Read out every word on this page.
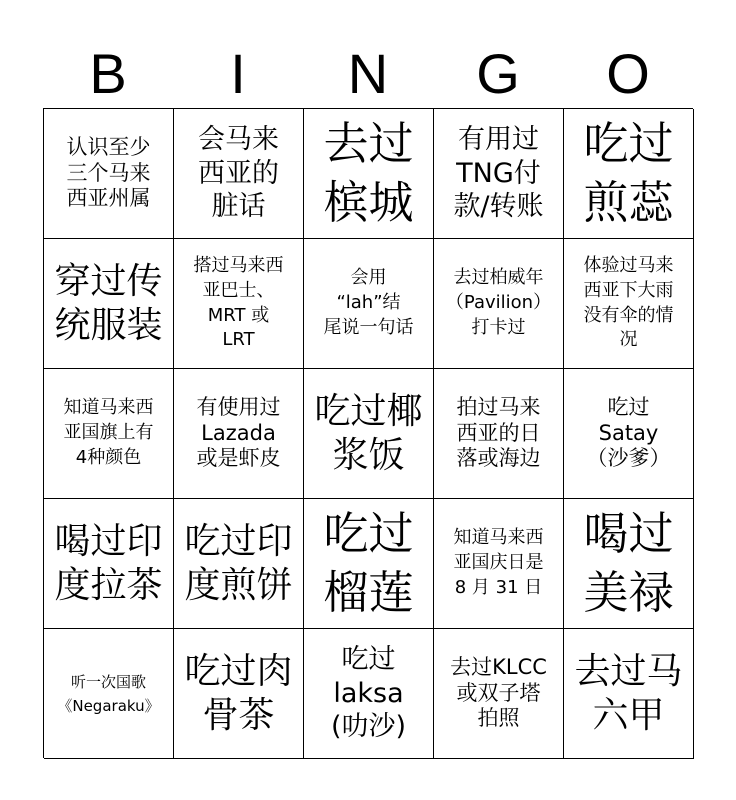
B	I	N	G	O
认识至少
三个马来
西亚州属
会马来
西亚的
脏话
去过
槟城
有用过
TNG付
款/转账
吃过
煎蕊
穿过传
统服装
搭过马来西
亚巴士、
MRT 或
LRT
会用
“lah”结
尾说一句话
去过柏威年
（Pavilion）
打卡过
体验过马来
西亚下大雨
没有伞的情
况
知道马来西
亚国旗上有
4种颜色
有使用过
Lazada
或是虾皮
吃过椰
浆饭
拍过马来
西亚的日
落或海边
吃过
Satay
（沙爹）
喝过印
度拉茶
吃过印
度煎饼
吃过
榴莲
知道马来西
亚国庆日是
8 月 31 日
喝过
美禄
听一次国歌
《Negaraku》
吃过肉
骨茶
吃过
laksa
(叻沙)
去过KLCC
或双子塔
拍照
去过马
六甲
